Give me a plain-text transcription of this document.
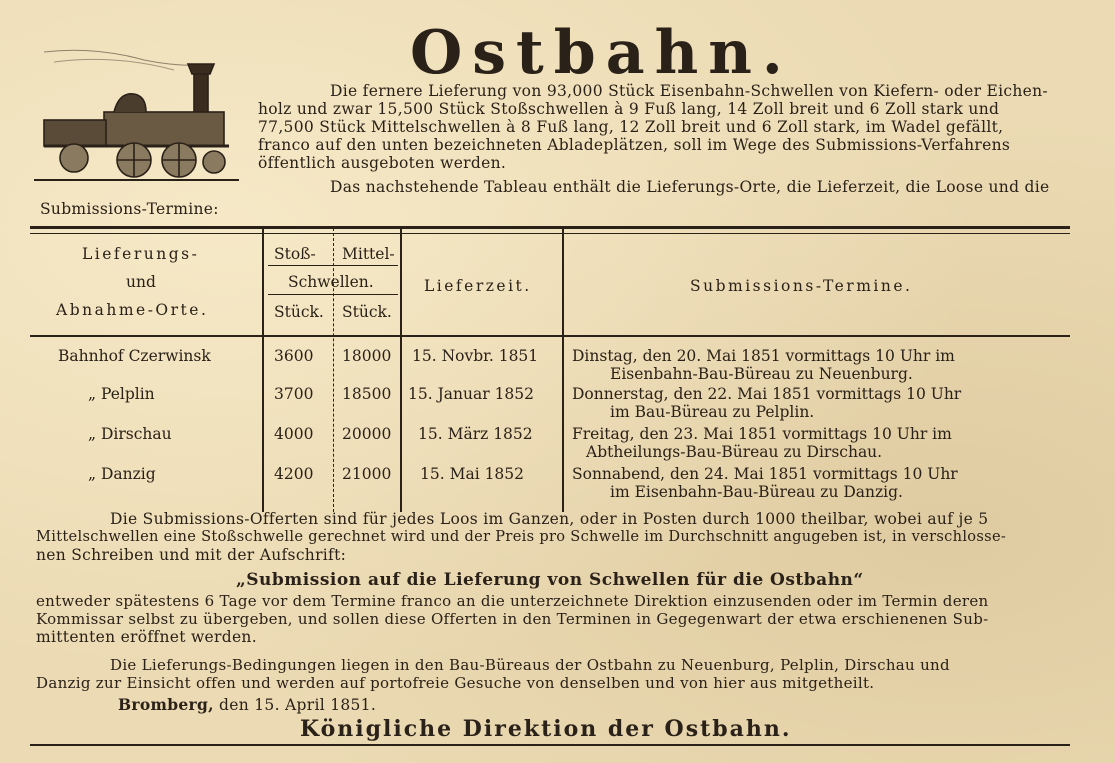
Ostbahn.
Die fernere Lieferung von 93,000 Stück Eisenbahn-Schwellen von Kiefern- oder Eichen-
holz und zwar 15,500 Stück Stoßschwellen à 9 Fuß lang, 14 Zoll breit und 6 Zoll stark und
77,500 Stück Mittelschwellen à 8 Fuß lang, 12 Zoll breit und 6 Zoll stark, im Wadel gefällt,
franco auf den unten bezeichneten Abladeplätzen, soll im Wege des Submissions-Verfahrens
öffentlich ausgeboten werden.
Das nachstehende Tableau enthält die Lieferungs-Orte, die Lieferzeit, die Loose und die
Submissions-Termine:
Lieferungs-
und
Abnahme-Orte.
Stoß- Mittel-
Schwellen.
Stück. Stück.
Lieferzeit.	Submissions-Termine.
Bahnhof Czerwinsk	3600 18000 15. Novbr. 1851 Dinstag, den 20. Mai 1851 vormittags 10 Uhr im
Eisenbahn-Bau-Büreau zu Neuenburg.
„ Pelplin	3700 18500 15. Januar 1852 Donnerstag, den 22. Mai 1851 vormittags 10 Uhr
im Bau-Büreau zu Pelplin.
„ Dirschau	4000 20000 15. März 1852	Freitag, den 23. Mai 1851 vormittags 10 Uhr im
Abtheilungs-Bau-Büreau zu Dirschau.
„ Danzig	4200 21000 15. Mai 1852	Sonnabend, den 24. Mai 1851 vormittags 10 Uhr
im Eisenbahn-Bau-Büreau zu Danzig.
Die Submissions-Offerten sind für jedes Loos im Ganzen, oder in Posten durch 1000 theilbar, wobei auf je 5
Mittelschwellen eine Stoßschwelle gerechnet wird und der Preis pro Schwelle im Durchschnitt angugeben ist, in verschlosse-
nen Schreiben und mit der Aufschrift:
„Submission auf die Lieferung von Schwellen für die Ostbahn“
entweder spätestens 6 Tage vor dem Termine franco an die unterzeichnete Direktion einzusenden oder im Termin deren
Kommissar selbst zu übergeben, und sollen diese Offerten in den Terminen in Gegegenwart der etwa erschienenen Sub-
mittenten eröffnet werden.
Die Lieferungs-Bedingungen liegen in den Bau-Büreaus der Ostbahn zu Neuenburg, Pelplin, Dirschau und
Danzig zur Einsicht offen und werden auf portofreie Gesuche von denselben und von hier aus mitgetheilt.
Bromberg, den 15. April 1851.
Königliche Direktion der Ostbahn.
